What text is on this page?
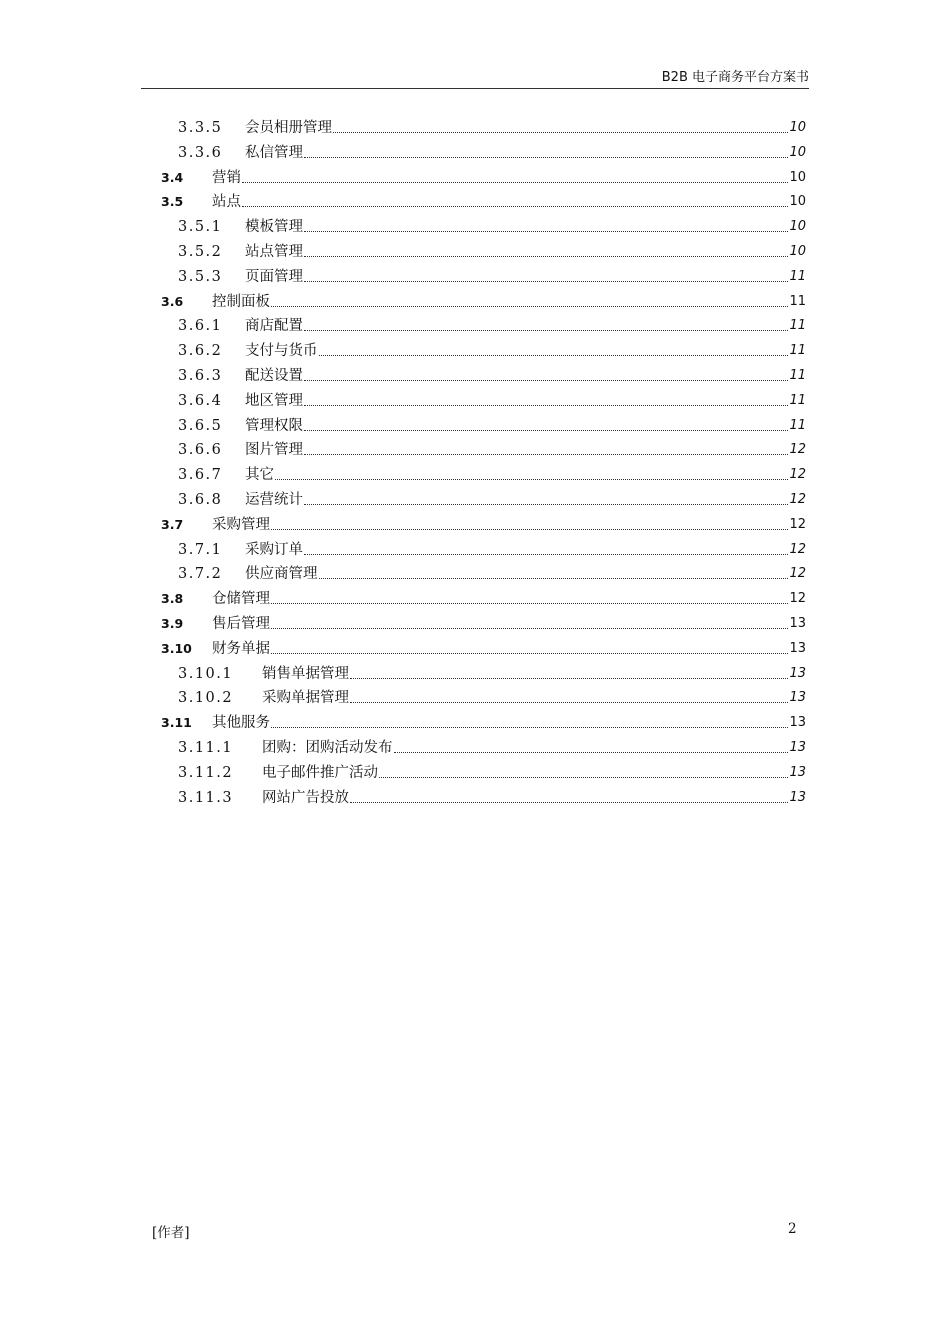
B2B 电子商务平台方案书
3.3.5	会员相册管理	10
3.3.6	私信管理	10
3.4	营销	10
3.5	站点	10
3.5.1	模板管理	10
3.5.2	站点管理	10
3.5.3	页面管理	11
3.6	控制面板	11
3.6.1	商店配置	11
3.6.2	支付与货币	11
3.6.3	配送设置	11
3.6.4	地区管理	11
3.6.5	管理权限	11
3.6.6	图片管理	12
3.6.7	其它	12
3.6.8	运营统计	12
3.7	采购管理	12
3.7.1	采购订单	12
3.7.2	供应商管理	12
3.8	仓储管理	12
3.9	售后管理	13
3.10	财务单据	13
3.10.1	销售单据管理	13
3.10.2	采购单据管理	13
3.11	其他服务	13
3.11.1	团购：团购活动发布	13
3.11.2	电子邮件推广活动	13
3.11.3	网站广告投放	13
[作者]	2
